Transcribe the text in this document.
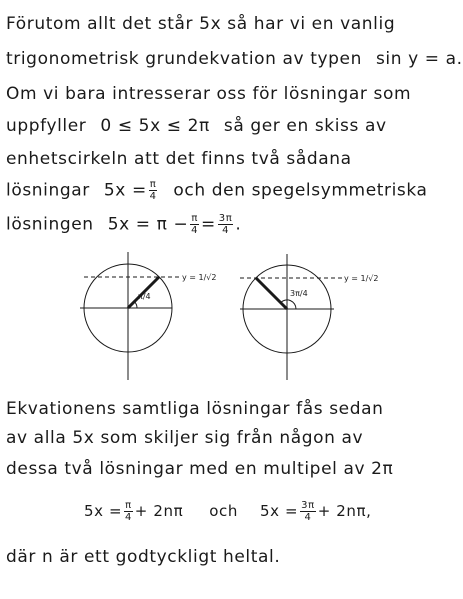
Förutom allt det står 5x så har vi en vanlig
trigonometrisk grundekvation av typen sin y = a.
Om vi bara intresserar oss för lösningar som
uppfyller 0 ≤ 5x ≤ 2π så ger en skiss av
enhetscirkeln att det finns två sådana
lösningar $5x = \frac{\pi}{4}$ och den spegelsymmetriska
lösningen $5x = \pi - \frac{\pi}{4} = \frac{3\pi}{4}$ .
π/4
y = 1/√2
3π/4
y = 1/√2
Ekvationens samtliga lösningar fås sedan
av alla 5x som skiljer sig från någon av
dessa två lösningar med en multipel av 2π
$5x = \frac{\pi}{4} + 2n\pi$ och $5x = \frac{3\pi}{4} + 2n\pi$,
där n är ett godtyckligt heltal.
